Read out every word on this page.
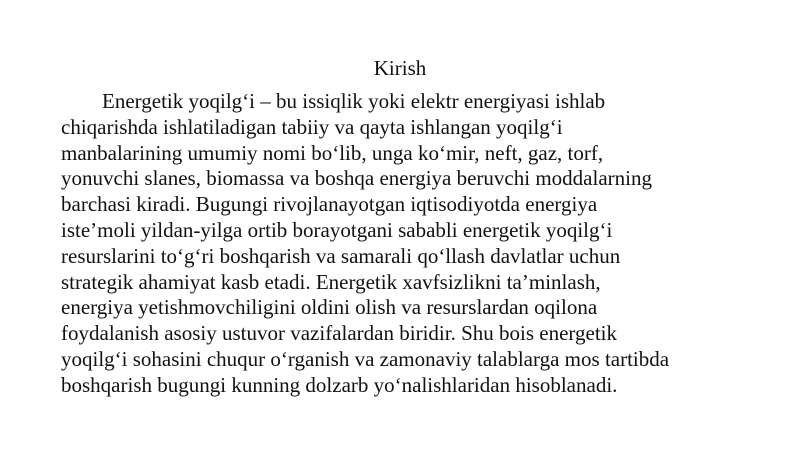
Kirish
Energetik yoqilg‘i – bu issiqlik yoki elektr energiyasi ishlab
chiqarishda ishlatiladigan tabiiy va qayta ishlangan yoqilg‘i
manbalarining umumiy nomi bo‘lib, unga ko‘mir, neft, gaz, torf,
yonuvchi slanes, biomassa va boshqa energiya beruvchi moddalarning
barchasi kiradi. Bugungi rivojlanayotgan iqtisodiyotda energiya
iste’moli yildan-yilga ortib borayotgani sababli energetik yoqilg‘i
resurslarini to‘g‘ri boshqarish va samarali qo‘llash davlatlar uchun
strategik ahamiyat kasb etadi. Energetik xavfsizlikni ta’minlash,
energiya yetishmovchiligini oldini olish va resurslardan oqilona
foydalanish asosiy ustuvor vazifalardan biridir. Shu bois energetik
yoqilg‘i sohasini chuqur o‘rganish va zamonaviy talablarga mos tartibda
boshqarish bugungi kunning dolzarb yo‘nalishlaridan hisoblanadi.
